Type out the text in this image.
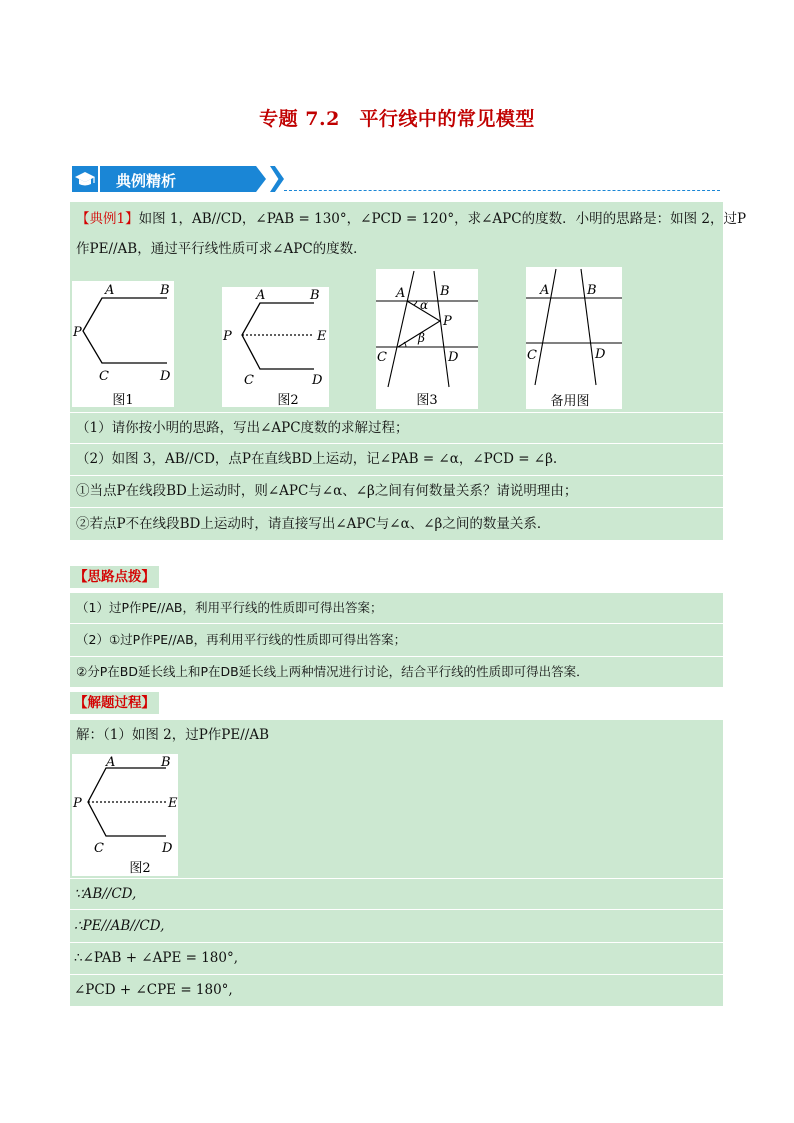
专题 7.2　平行线中的常见模型
典例精析
【典例1】如图 1，AB//CD，∠PAB = 130°，∠PCD = 120°，求∠APC的度数．小明的思路是：如图 2，过P
作PE//AB，通过平行线性质可求∠APC的度数．
A	B
P
C	D
图1
A	B
P	E
C	D
图2
A	B
α
P
β
C	D
图3
A	B
C	D
备用图
（1）请你按小明的思路，写出∠APC度数的求解过程；
（2）如图 3，AB//CD，点P在直线BD上运动，记∠PAB = ∠α，∠PCD = ∠β.
①当点P在线段BD上运动时，则∠APC与∠α、∠β之间有何数量关系？请说明理由；
②若点P不在线段BD上运动时，请直接写出∠APC与∠α、∠β之间的数量关系．
【思路点拨】
（1）过P作PE//AB，利用平行线的性质即可得出答案；
（2）①过P作PE//AB，再利用平行线的性质即可得出答案；
②分P在BD延长线上和P在DB延长线上两种情况进行讨论，结合平行线的性质即可得出答案．
【解题过程】
解：（1）如图 2，过P作PE//AB
A	B
P	E
C	D
图2
∵AB//CD,
∴PE//AB//CD,
∴∠PAB + ∠APE = 180°,
∠PCD + ∠CPE = 180°,
